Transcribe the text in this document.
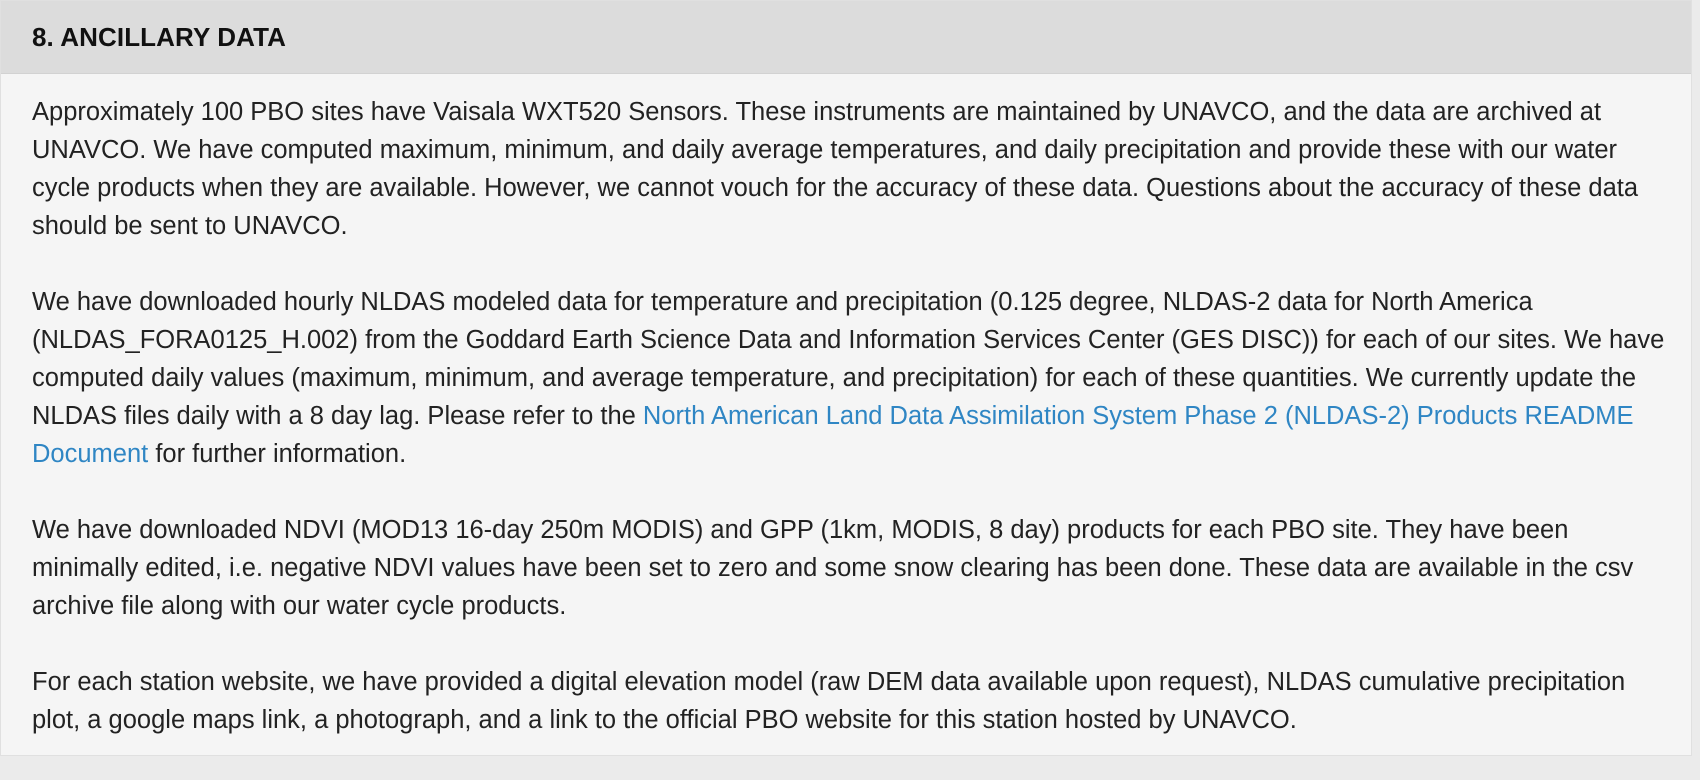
8. ANCILLARY DATA

Approximately 100 PBO sites have Vaisala WXT520 Sensors. These instruments are maintained by UNAVCO, and the data are archived at UNAVCO. We have computed maximum, minimum, and daily average temperatures, and daily precipitation and provide these with our water cycle products when they are available. However, we cannot vouch for the accuracy of these data. Questions about the accuracy of these data should be sent to UNAVCO.

We have downloaded hourly NLDAS modeled data for temperature and precipitation (0.125 degree, NLDAS-2 data for North America (NLDAS_FORA0125_H.002) from the Goddard Earth Science Data and Information Services Center (GES DISC)) for each of our sites. We have computed daily values (maximum, minimum, and average temperature, and precipitation) for each of these quantities. We currently update the NLDAS files daily with a 8 day lag. Please refer to the North American Land Data Assimilation System Phase 2 (NLDAS-2) Products README Document for further information.

We have downloaded NDVI (MOD13 16-day 250m MODIS) and GPP (1km, MODIS, 8 day) products for each PBO site. They have been minimally edited, i.e. negative NDVI values have been set to zero and some snow clearing has been done. These data are available in the csv archive file along with our water cycle products.

For each station website, we have provided a digital elevation model (raw DEM data available upon request), NLDAS cumulative precipitation plot, a google maps link, a photograph, and a link to the official PBO website for this station hosted by UNAVCO.
